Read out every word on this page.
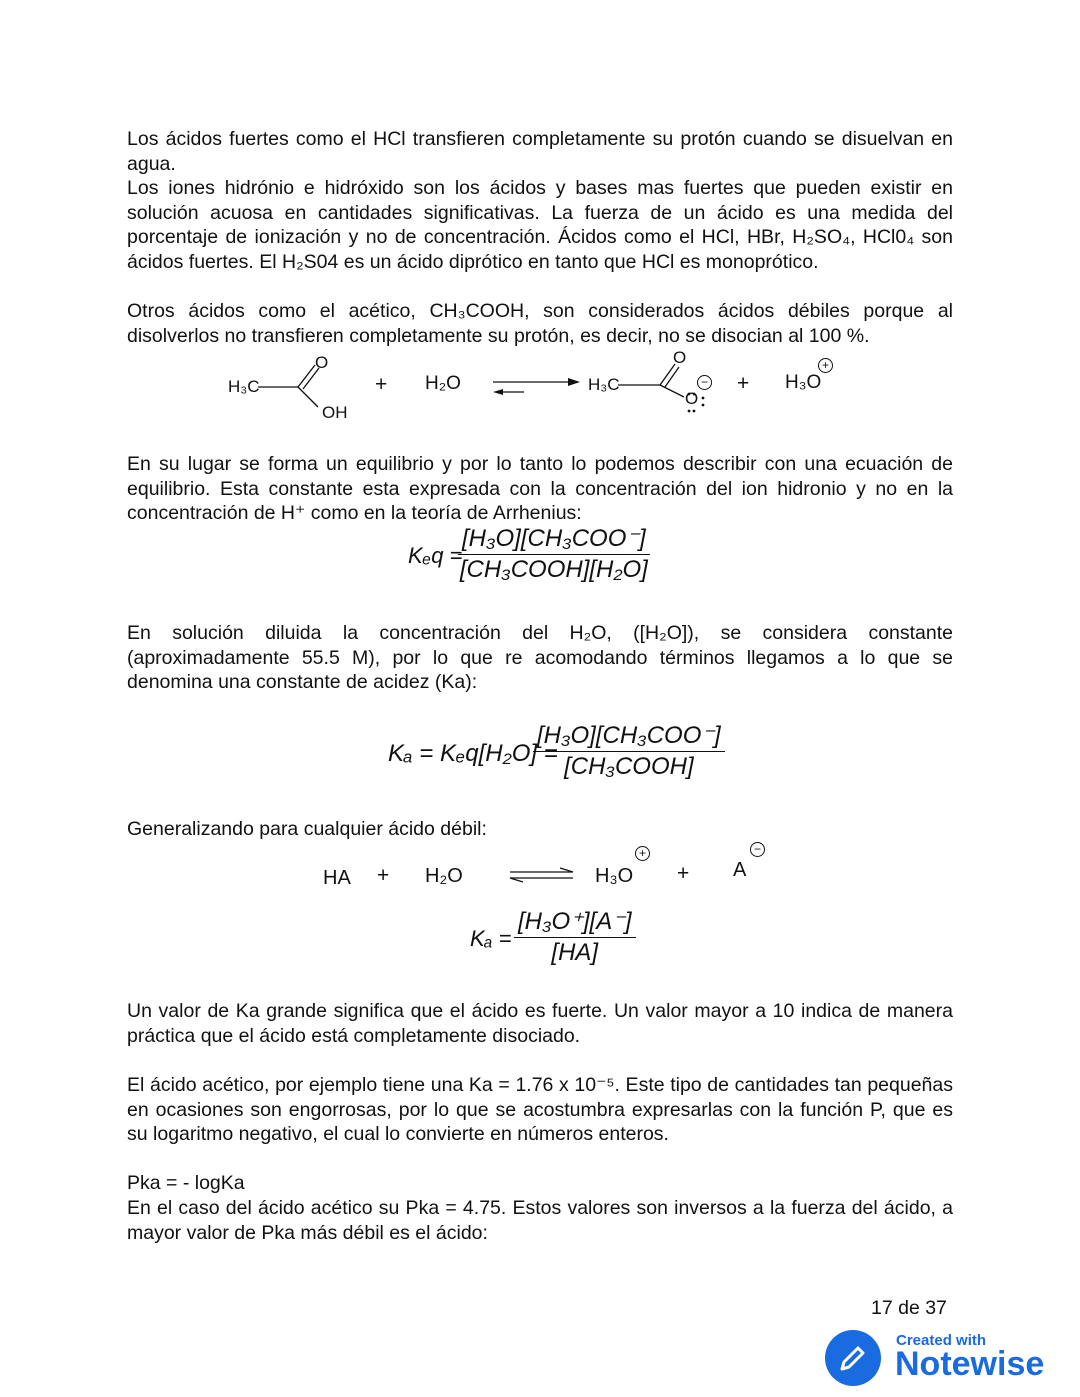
Los ácidos fuertes como el HCl transfieren completamente su protón cuando se disuelvan en agua.
Los iones hidrónio e hidróxido son los ácidos y bases mas fuertes que pueden existir en solución acuosa en cantidades significativas. La fuerza de un ácido es una medida del porcentaje de ionización y no de concentración. Ácidos como el HCl, HBr, H₂SO₄, HCl0₄ son ácidos fuertes. El H₂S04 es un ácido diprótico en tanto que HCl es monoprótico.
Otros ácidos como el acético, CH₃COOH, son considerados ácidos débiles porque al disolverlos no transfieren completamente su protón, es decir, no se disocian al 100 %.
H₃C
O
OH
+ H₂O	H₃C
O
O
− + H₃O
+
En su lugar se forma un equilibrio y por lo tanto lo podemos describir con una ecuación de equilibrio. Esta constante esta expresada con la concentración del ion hidronio y no en la concentración de H⁺ como en la teoría de Arrhenius:
Kₑq =
[H₃O][CH₃COO⁻]
[CH₃COOH][H₂O]
En solución diluida la concentración del H₂O, ([H₂O]), se considera constante (aproximadamente 55.5 M), por lo que re acomodando términos llegamos a lo que se denomina una constante de acidez (Ka):
Kₐ = Kₑq[H₂O] =
[H₃O][CH₃COO⁻]
[CH₃COOH]
Generalizando para cualquier ácido débil:
HA + H₂O	H₃O
+
+ A
−
$K_a = \frac{\text{[H₃O⁺][A⁻]}}{[HA]}$
Un valor de Ka grande significa que el ácido es fuerte. Un valor mayor a 10 indica de manera práctica que el ácido está completamente disociado.
El ácido acético, por ejemplo tiene una Ka = 1.76 x 10⁻⁵. Este tipo de cantidades tan pequeñas en ocasiones son engorrosas, por lo que se acostumbra expresarlas con la función P, que es su logaritmo negativo, el cual lo convierte en números enteros.
Pka = - logKa
En el caso del ácido acético su Pka = 4.75. Estos valores son inversos a la fuerza del ácido, a mayor valor de Pka más débil es el ácido:
17 de 37
Created with
Notewise
